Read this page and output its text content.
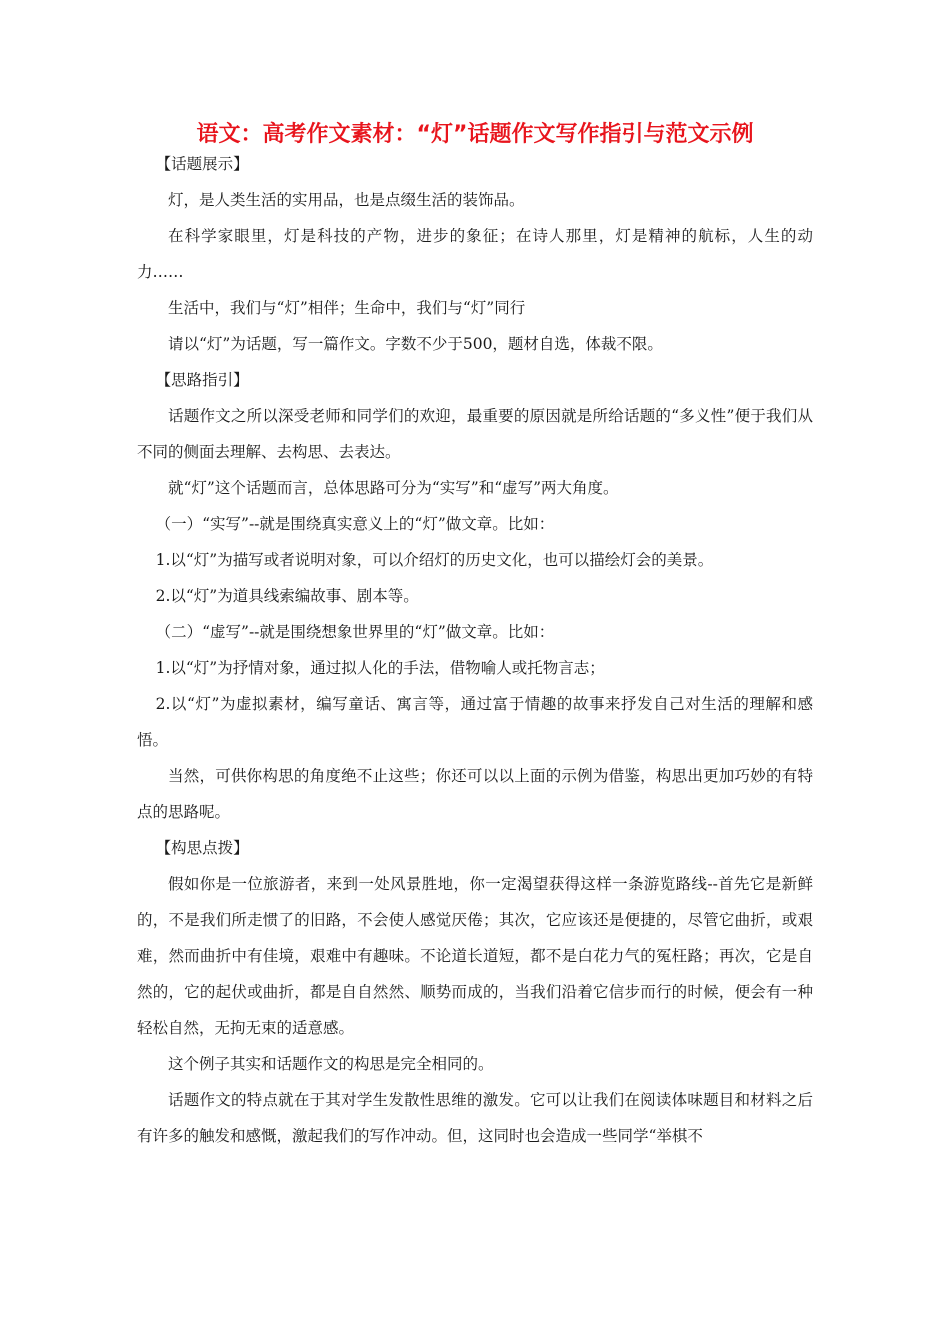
语文：高考作文素材：“灯”话题作文写作指引与范文示例

【话题展示】

灯，是人类生活的实用品，也是点缀生活的装饰品。

在科学家眼里，灯是科技的产物，进步的象征；在诗人那里，灯是精神的航标，人生的动力……

生活中，我们与“灯”相伴；生命中，我们与“灯”同行

请以“灯”为话题，写一篇作文。字数不少于500，题材自选，体裁不限。

【思路指引】

话题作文之所以深受老师和同学们的欢迎，最重要的原因就是所给话题的“多义性”便于我们从不同的侧面去理解、去构思、去表达。

就“灯”这个话题而言，总体思路可分为“实写”和“虚写”两大角度。

（一）“实写”--就是围绕真实意义上的“灯”做文章。比如：

1.以“灯”为描写或者说明对象，可以介绍灯的历史文化，也可以描绘灯会的美景。

2.以“灯”为道具线索编故事、剧本等。

（二）“虚写”--就是围绕想象世界里的“灯”做文章。比如：

1.以“灯”为抒情对象，通过拟人化的手法，借物喻人或托物言志；

2.以“灯”为虚拟素材，编写童话、寓言等，通过富于情趣的故事来抒发自己对生活的理解和感悟。

当然，可供你构思的角度绝不止这些；你还可以以上面的示例为借鉴，构思出更加巧妙的有特点的思路呢。

【构思点拨】

假如你是一位旅游者，来到一处风景胜地，你一定渴望获得这样一条游览路线--首先它是新鲜的，不是我们所走惯了的旧路，不会使人感觉厌倦；其次，它应该还是便捷的，尽管它曲折，或艰难，然而曲折中有佳境，艰难中有趣味。不论道长道短，都不是白花力气的冤枉路；再次，它是自然的，它的起伏或曲折，都是自自然然、顺势而成的，当我们沿着它信步而行的时候，便会有一种轻松自然，无拘无束的适意感。

这个例子其实和话题作文的构思是完全相同的。

话题作文的特点就在于其对学生发散性思维的激发。它可以让我们在阅读体味题目和材料之后有许多的触发和感慨，激起我们的写作冲动。但，这同时也会造成一些同学“举棋不
